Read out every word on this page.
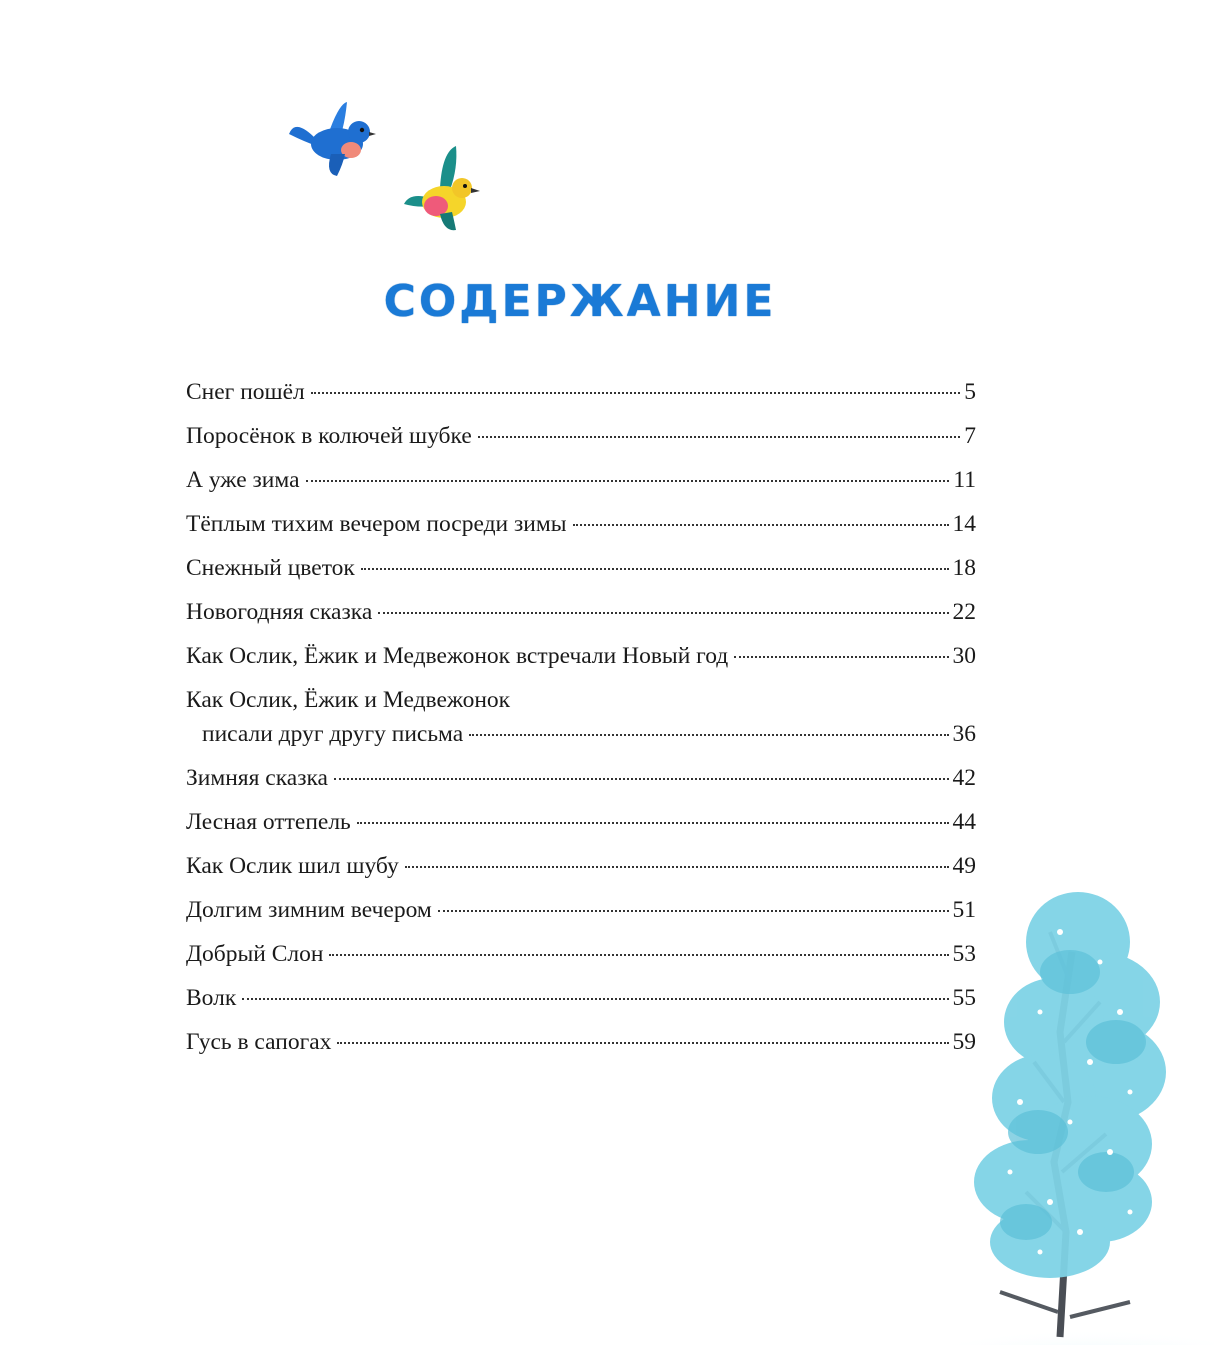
СОДЕРЖАНИЕ
Снег пошёл	5
Поросёнок в колючей шубке	7
А уже зима	11
Тёплым тихим вечером посреди зимы	14
Снежный цветок	18
Новогодняя сказка	22
Как Ослик, Ёжик и Медвежонок встречали Новый год	30
Как Ослик, Ёжик и Медвежонок
писали друг другу письма	36
Зимняя сказка	42
Лесная оттепель	44
Как Ослик шил шубу	49
Долгим зимним вечером	51
Добрый Слон	53
Волк	55
Гусь в сапогах	59
